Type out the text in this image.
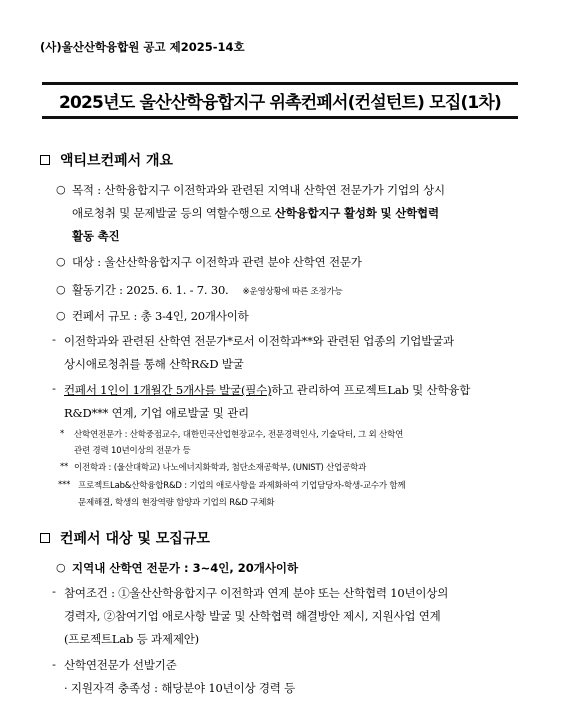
(사)울산산학융합원 공고 제2025-14호
2025년도 울산산학융합지구 위촉컨페서(컨설턴트) 모집(1차)
액티브컨페서 개요
○ 목적 : 산학융합지구 이전학과와 관련된 지역내 산학연 전문가가 기업의 상시
애로청취 및 문제발굴 등의 역할수행으로 산학융합지구 활성화 및 산학협력
활동 촉진
○ 대상 : 울산산학융합지구 이전학과 관련 분야 산학연 전문가
○ 활동기간 : 2025. 6. 1. - 7. 30. ※운영상황에 따른 조정가능
○ 컨페서 규모 : 총 3-4인, 20개사이하
- 이전학과와 관련된 산학연 전문가*로서 이전학과**와 관련된 업종의 기업발굴과
상시애로청취를 통해 산학R&D 발굴
- 컨페서 1인이 1개월간 5개사를 발굴(필수)하고 관리하여 프로젝트Lab 및 산학융합
R&D*** 연계, 기업 애로발굴 및 관리
* 산학연전문가 : 산학중점교수, 대한민국산업현장교수, 전문경력인사, 기술닥터, 그 외 산학연
관련 경력 10년이상의 전문가 등
** 이전학과 : (울산대학교) 나노에너지화학과, 첨단소재공학부, (UNIST) 산업공학과
*** 프로젝트Lab&산학융합R&D : 기업의 애로사항을 과제화하여 기업담당자-학생-교수가 함께
문제해결, 학생의 현장역량 함양과 기업의 R&D 구체화
컨페서 대상 및 모집규모
○ 지역내 산학연 전문가 : 3~4인, 20개사이하
- 참여조건 : ①울산산학융합지구 이전학과 연계 분야 또는 산학협력 10년이상의
경력자, ②참여기업 애로사항 발굴 및 산학협력 해결방안 제시, 지원사업 연계
(프로젝트Lab 등 과제제안)
- 산학연전문가 선발기준
· 지원자격 충족성 : 해당분야 10년이상 경력 등
